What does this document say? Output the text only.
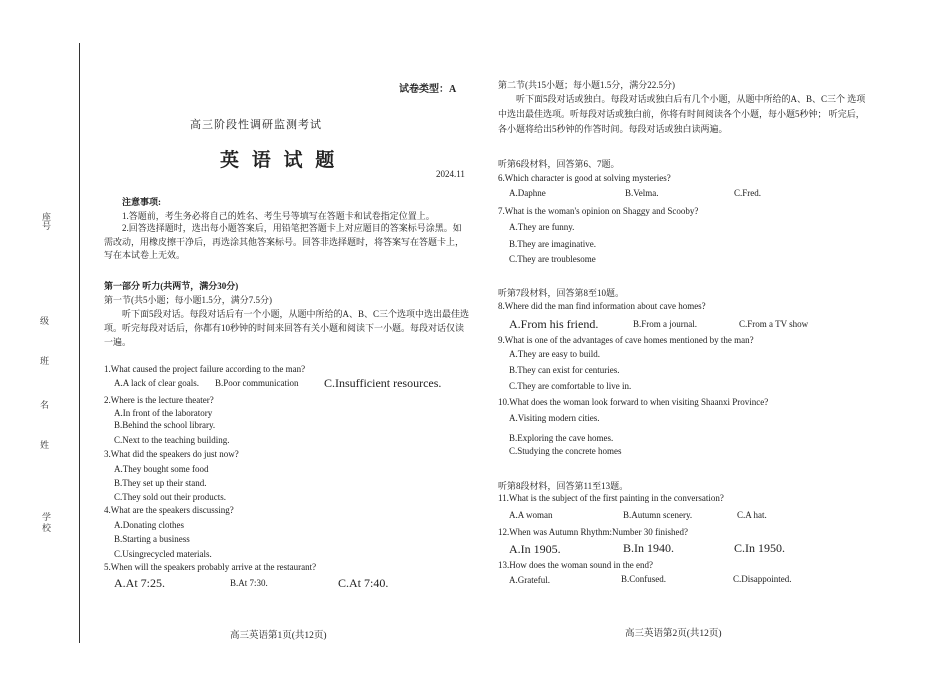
座号
级
班
名
姓
学 校
试卷类型：A
高三阶段性调研监测考试
英 语 试 题
2024.11
注意事项:
1.答题前，考生务必将自己的姓名、考生号等填写在答题卡和试卷指定位置上。
2.回答选择题时，选出每小题答案后，用铅笔把答题卡上对应题目的答案标号涂黑。如需改动，用橡皮擦干净后，再选涂其他答案标号。回答非选择题时，将答案写在答题卡上，写在本试卷上无效。
第一部分 听力(共两节，满分30分)
第一节(共5小题；每小题1.5分，满分7.5分)
听下面5段对话。每段对话后有一个小题，从题中所给的A、B、C三个选项中选出最佳选项。听完每段对话后，你都有10秒钟的时间来回答有关小题和阅读下一小题。每段对话仅读一遍。
1.What caused the project failure according to the man?
A.A lack of clear goals. B.Poor communication C.Insufficient resources.
2.Where is the lecture theater?
A.In front of the laboratory
B.Behind the school library.
C.Next to the teaching building.
3.What did the speakers do just now?
A.They bought some food
B.They set up their stand.
C.They sold out their products.
4.What are the speakers discussing?
A.Donating clothes
B.Starting a business
C.Usingrecycled materials.
5.When will the speakers probably arrive at the restaurant?
A.At 7:25.	B.At 7:30.	C.At 7:40.
高三英语第1页(共12页)
第二节(共15小题；每小题1.5分，满分22.5分)
听下面5段对话或独白。每段对话或独白后有几个小题，从题中所给的A、B、C三个 选项中选出最佳选项。听每段对话或独白前，你将有时间阅读各个小题，每小题5秒钟； 听完后，各小题将给出5秒钟的作答时间。每段对话或独白读两遍。
听第6段材料，回答第6、7题。
6.Which character is good at solving mysteries?
A.Daphne	B.Velma.	C.Fred.
7.What is the woman's opinion on Shaggy and Scooby?
A.They are funny.
B.They are imaginative.
C.They are troublesome
听第7段材料，回答第8至10题。
8.Where did the man find information about cave homes?
A.From his friend.	B.From a journal.	C.From a TV show
9.What is one of the advantages of cave homes mentioned by the man?
A.They are easy to build.
B.They can exist for centuries.
C.They are comfortable to live in.
10.What does the woman look forward to when visiting Shaanxi Province?
A.Visiting modern cities.
B.Exploring the cave homes.
C.Studying the concrete homes
听第8段材料，回答第11至13题。
11.What is the subject of the first painting in the conversation?
A.A woman	B.Autumn scenery.	C.A hat.
12.When was Autumn Rhythm:Number 30 finished?
A.In 1905.	B.In 1940.	C.In 1950.
13.How does the woman sound in the end?
A.Grateful.	B.Confused.	C.Disappointed.
高三英语第2页(共12页)
